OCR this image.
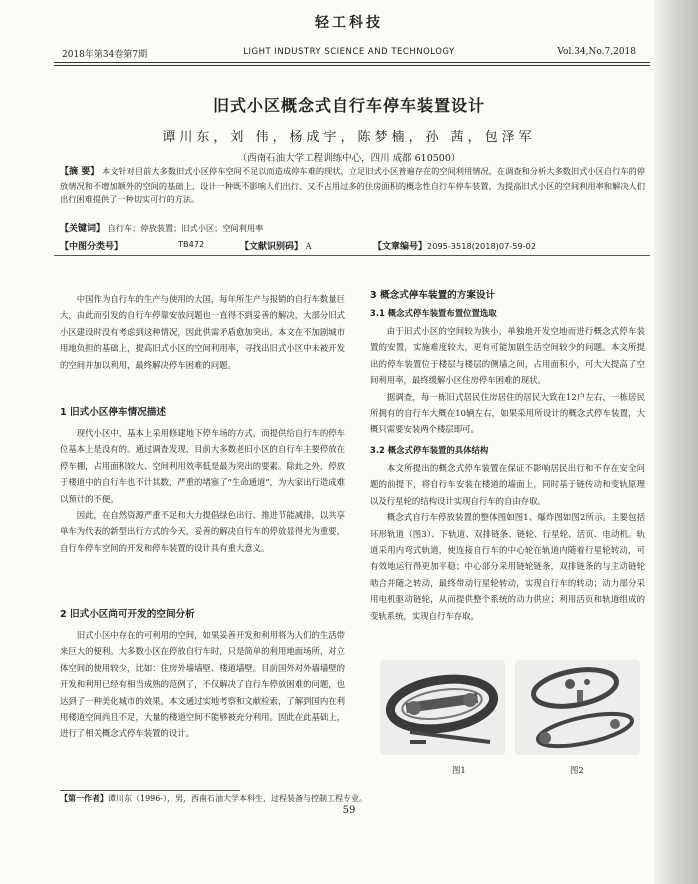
轻工科技
2018年第34卷第7期	LIGHT INDUSTRY SCIENCE AND TECHNOLOGY	Vol.34,No.7,2018
旧式小区概念式自行车停车装置设计
谭川东，刘 伟，杨成宇，陈梦楠，孙 茜，包泽军
（西南石油大学工程训练中心，四川 成都 610500）
【摘 要】 本文针对目前大多数旧式小区停车空间不足以而造成停车难的现状，立足旧式小区普遍存在的空间利用情况，在调查和分析大多数旧式小区自行车的停放情况和不增加额外的空间的基础上，设计一种既不影响人们出行、又不占用过多的住房面积的概念性自行车停车装置，为提高旧式小区的空间利用率和解决人们出行困难提供了一种切实可行的方法。
【关键词】 自行车；停放装置；旧式小区；空间利用率
【中图分类号】	TB472	【文献识别码】 A	【文章编号】2095-3518(2018)07-59-02

中国作为自行车的生产与使用的大国，每年所生产与报销的自行车数量巨大，由此而引发的自行车停靠安放问题也一直得不到妥善的解决，大部分旧式小区建设时没有考虑到这种情况，因此供需矛盾愈加突出。本文在不加剧城市用地负担的基础上，提高旧式小区的空间利用率，寻找出旧式小区中未被开发的空间并加以利用，最终解决停车困难的问题。

1 旧式小区停车情况描述

现代小区中，基本上采用修建地下停车场的方式，而提供给自行车的停车位基本上是没有的。通过调查发现，目前大多数老旧小区的自行车主要停放在停车棚，占用面积较大、空间利用效率低是最为突出的要素。除此之外，停放于楼道中的自行车也不计其数，严重的堵塞了“生命通道”，为大家出行造成难以预计的不便。

因此，在自然资源严重不足和大力提倡绿色出行、推进节能减排，以共享单车为代表的新型出行方式的今天，妥善的解决自行车的停放显得尤为重要，自行车停车空间的开发和停车装置的设计具有重大意义。

2 旧式小区尚可开发的空间分析

旧式小区中存在的可利用的空间，如果妥善开发和利用将为人们的生活带来巨大的便利。大多数小区在停放自行车时，只是简单的利用地面场所，对立体空间的使用较少，比如：住房外墙墙壁、楼道墙壁。目前国外对外墙墙壁的开发和利用已经有相当成熟的范例了，不仅解决了自行车停放困难的问题，也达到了一种美化城市的效果。本文通过实地考察和文献检索，了解到国内在利用楼道空间尚且不足，大量的楼道空间不能够被充分利用。因此在此基础上，进行了相关概念式停车装置的设计。

3 概念式停车装置的方案设计
3.1 概念式停车装置布置位置选取

由于旧式小区的空间较为狭小，单独地开发空地而进行概念式停车装置的安置，实施难度较大，更有可能加剧生活空间较少的问题。本文所提出的停车装置位于楼层与楼层的侧墙之间，占用面积小，可大大提高了空间利用率，最终缓解小区住房停车困难的现状。

据调查，每一栋旧式居民住房居住的居民大致在12户左右，一栋居民所拥有的自行车大概在10辆左右，如果采用所设计的概念式停车装置，大概只需要安装两个楼层即可。

3.2 概念式停车装置的具体结构

本文所提出的概念式停车装置在保证不影响居民出行和不存在安全问题的前提下，将自行车安装在楼道的墙面上，同时基于链传动和变轨原理以及行星轮的结构设计实现自行车的自由存取。

概念式自行车停放装置的整体图如图1、爆炸图如图2所示。主要包括环形轨道（图3）、下轨道、双排链条、链轮、行星轮、活页、电动机。轨道采用内弯式轨道，使连接自行车的中心轮在轨道内随着行星轮转动，可有效地运行得更加平稳；中心部分采用链轮链条，双排链条的与主动链轮啮合并随之转动，最终带动行星轮转动，实现自行车的转动；动力部分采用电机驱动链轮，从而提供整个系统的动力供应；利用活页和轨道组成的变轨系统，实现自行车存取。

图1	图2
【第一作者】谭川东（1996-），男，西南石油大学本科生，过程装备与控制工程专业。
59
